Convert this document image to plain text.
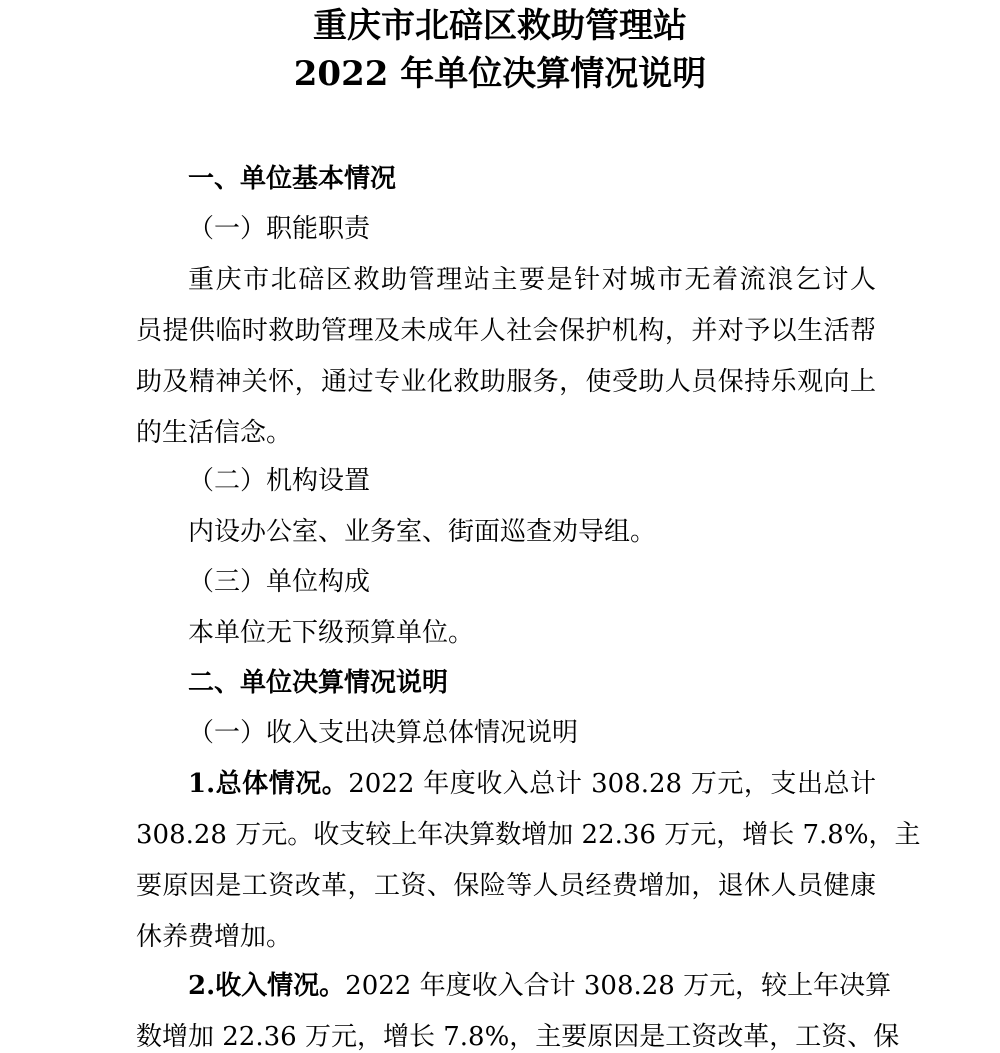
重庆市北碚区救助管理站
2022 年单位决算情况说明
一、单位基本情况
（一）职能职责
重庆市北碚区救助管理站主要是针对城市无着流浪乞讨人
员提供临时救助管理及未成年人社会保护机构，并对予以生活帮
助及精神关怀，通过专业化救助服务，使受助人员保持乐观向上
的生活信念。
（二）机构设置
内设办公室、业务室、街面巡查劝导组。
（三）单位构成
本单位无下级预算单位。
二、单位决算情况说明
（一）收入支出决算总体情况说明
1.总体情况。2022 年度收入总计 308.28 万元，支出总计
308.28 万元。收支较上年决算数增加 22.36 万元，增长 7.8%，主
要原因是工资改革，工资、保险等人员经费增加，退休人员健康
休养费增加。
2.收入情况。2022 年度收入合计 308.28 万元，较上年决算
数增加 22.36 万元，增长 7.8%，主要原因是工资改革，工资、保
